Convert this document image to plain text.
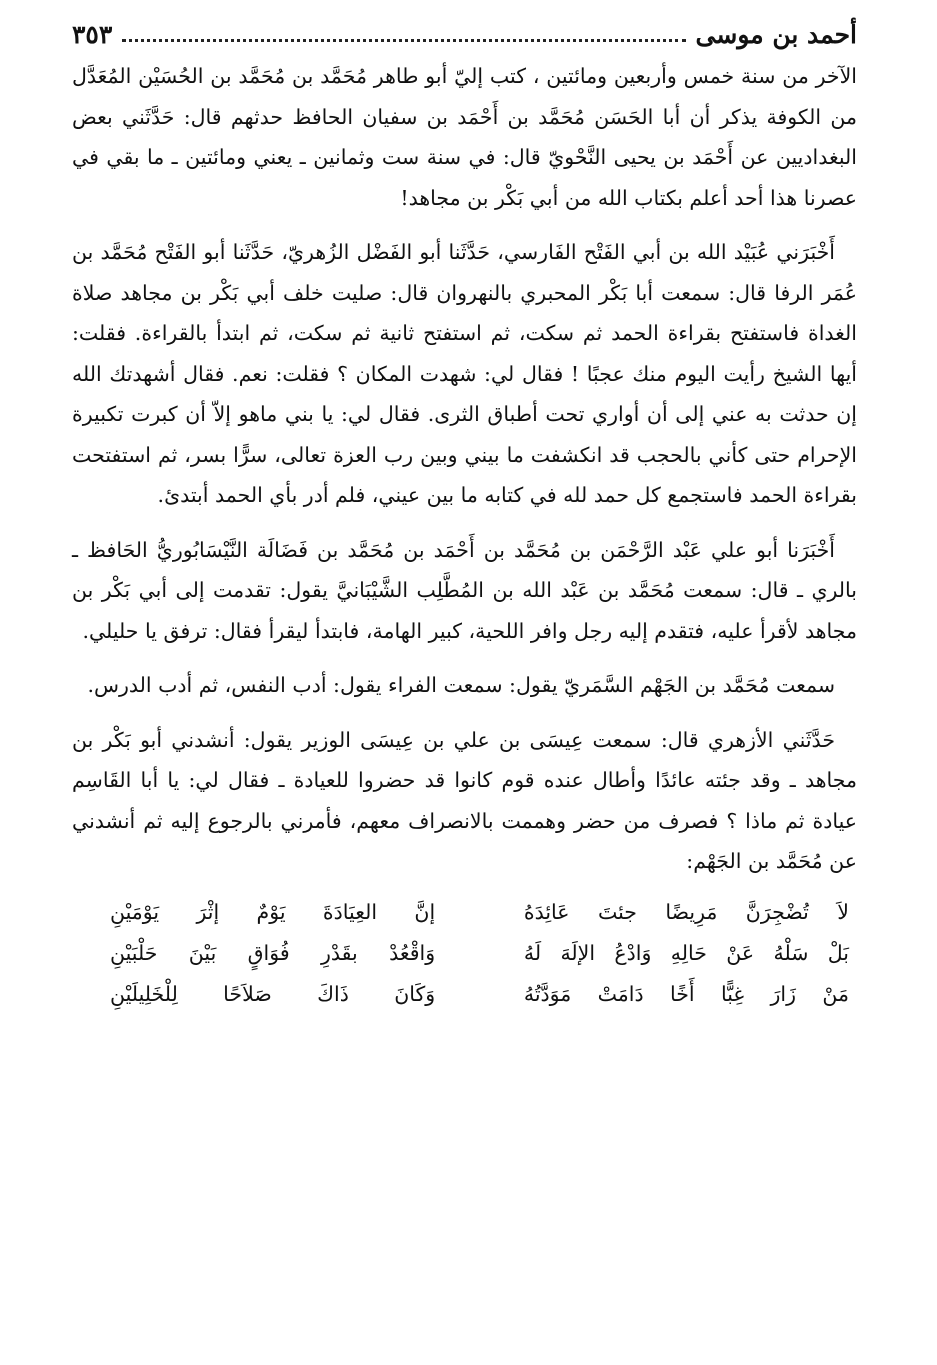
أحمد بن موسى
٣٥٣

الآخر من سنة خمس وأربعين ومائتين ، كتب إليّ أبو طاهر مُحَمَّد بن مُحَمَّد بن الحُسَيْن المُعَدَّل من الكوفة يذكر أن أبا الحَسَن مُحَمَّد بن أَحْمَد بن سفيان الحافظ حدثهم قال: حَدَّثَني بعض البغداديين عن أَحْمَد بن يحيى النَّحْويّ قال: في سنة ست وثمانين ـ يعني ومائتين ـ ما بقي في عصرنا هذا أحد أعلم بكتاب الله من أبي بَكْر بن مجاهد!

أَخْبَرَني عُبَيْد الله بن أبي الفَتْح الفَارسي، حَدَّثَنا أبو الفَضْل الزُهريّ، حَدَّثَنا أبو الفَتْح مُحَمَّد بن عُمَر الرفا قال: سمعت أبا بَكْر المحبري بالنهروان قال: صليت خلف أبي بَكْر بن مجاهد صلاة الغداة فاستفتح بقراءة الحمد ثم سكت، ثم استفتح ثانية ثم سكت، ثم ابتدأ بالقراءة. فقلت: أيها الشيخ رأيت اليوم منك عجبًا ! فقال لي: شهدت المكان ؟ فقلت: نعم. فقال أشهدتك الله إن حدثت به عني إلى أن أواري تحت أطباق الثرى. فقال لي: يا بني ماهو إلاّ أن كبرت تكبيرة الإحرام حتى كأني بالحجب قد انكشفت ما بيني وبين رب العزة تعالى، سرًّا بسر، ثم استفتحت بقراءة الحمد فاستجمع كل حمد لله في كتابه ما بين عيني، فلم أدر بأي الحمد أبتدئ.

أَخْبَرَنا أبو علي عَبْد الرَّحْمَن بن مُحَمَّد بن أَحْمَد بن مُحَمَّد بن فَضَالَة النَّيْسَابُوريُّ الحَافظ ـ بالري ـ قال: سمعت مُحَمَّد بن عَبْد الله بن المُطَّلِب الشَّيْبَانيَّ يقول: تقدمت إلى أبي بَكْر بن مجاهد لأقرأ عليه، فتقدم إليه رجل وافر اللحية، كبير الهامة، فابتدأ ليقرأ فقال: ترفق يا حليلي.

سمعت مُحَمَّد بن الجَهْم السَّمَريّ يقول: سمعت الفراء يقول: أدب النفس، ثم أدب الدرس.

حَدَّثَني الأزهري قال: سمعت عِيسَى بن علي بن عِيسَى الوزير يقول: أنشدني أبو بَكْر بن مجاهد ـ وقد جئته عائدًا وأطال عنده قوم كانوا قد حضروا للعيادة ـ فقال لي: يا أبا القَاسِم عيادة ثم ماذا ؟ فصرف من حضر وهممت بالانصراف معهم، فأمرني بالرجوع إليه ثم أنشدني عن مُحَمَّد بن الجَهْم:

لاَ تُضْجِرَنَّ مَرِيضًا جئتَ عَائِدَهُ
إنَّ العِيَادَةَ يَوْمٌ إثْرَ يَوْمَيْنِ
بَلْ سَلْهُ عَنْ حَالِهِ وَادْعُ الإلَهَ لَهُ
وَاقْعُدْ بقَدْرِ فُوَاقٍ بَيْنَ حَلْبَيْنِ
مَنْ زَارَ غِبًّا أَخًا دَامَتْ مَوَدَّتُهُ
وَكَانَ ذَاكَ صَلاَحًا لِلْخَلِيلَيْنِ
